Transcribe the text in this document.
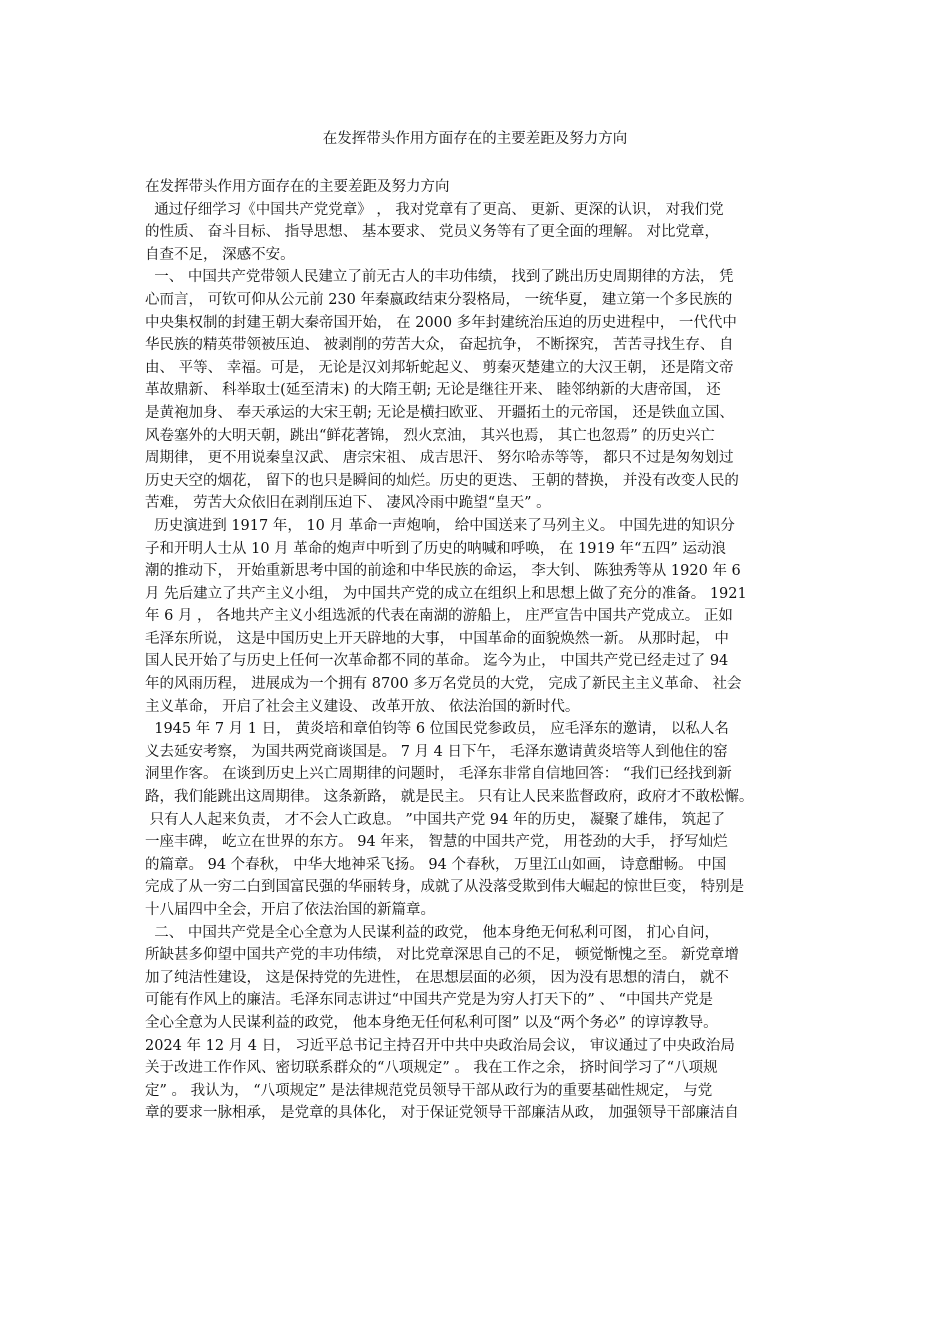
在发挥带头作用方面存在的主要差距及努力方向

在发挥带头作用方面存在的主要差距及努力方向

通过仔细学习《中国共产党党章》 ， 我对党章有了更高、 更新、更深的认识， 对我们党
的性质、 奋斗目标、 指导思想、 基本要求、 党员义务等有了更全面的理解。 对比党章，
自查不足， 深感不安。
一、 中国共产党带领人民建立了前无古人的丰功伟绩， 找到了跳出历史周期律的方法， 凭
心而言， 可钦可仰从公元前 230 年秦嬴政结束分裂格局， 一统华夏， 建立第一个多民族的
中央集权制的封建王朝大秦帝国开始， 在 2000 多年封建统治压迫的历史进程中， 一代代中
华民族的精英带领被压迫、 被剥削的劳苦大众， 奋起抗争， 不断探究， 苦苦寻找生存、 自
由、 平等、 幸福。可是， 无论是汉刘邦斩蛇起义、 剪秦灭楚建立的大汉王朝， 还是隋文帝
革故鼎新、 科举取士(延至清末) 的大隋王朝; 无论是继往开来、 睦邻纳新的大唐帝国， 还
是黄袍加身、 奉天承运的大宋王朝; 无论是横扫欧亚、 开疆拓土的元帝国， 还是铁血立国、
风卷塞外的大明天朝，跳出“鲜花著锦， 烈火烹油， 其兴也焉， 其亡也忽焉” 的历史兴亡
周期律， 更不用说秦皇汉武、 唐宗宋祖、 成吉思汗、 努尔哈赤等等， 都只不过是匆匆划过
历史天空的烟花， 留下的也只是瞬间的灿烂。历史的更迭、 王朝的替换， 并没有改变人民的
苦难， 劳苦大众依旧在剥削压迫下、 凄风冷雨中跪望“皇天” 。
历史演进到 1917 年， 10 月 革命一声炮响， 给中国送来了马列主义。 中国先进的知识分
子和开明人士从 10 月 革命的炮声中听到了历史的呐喊和呼唤， 在 1919 年“五四” 运动浪
潮的推动下， 开始重新思考中国的前途和中华民族的命运， 李大钊、 陈独秀等从 1920 年 6
月 先后建立了共产主义小组， 为中国共产党的成立在组织上和思想上做了充分的准备。 1921
年 6 月 ， 各地共产主义小组选派的代表在南湖的游船上， 庄严宣告中国共产党成立。 正如
毛泽东所说， 这是中国历史上开天辟地的大事， 中国革命的面貌焕然一新。 从那时起， 中
国人民开始了与历史上任何一次革命都不同的革命。 迄今为止， 中国共产党已经走过了 94
年的风雨历程， 进展成为一个拥有 8700 多万名党员的大党， 完成了新民主主义革命、 社会
主义革命， 开启了社会主义建设、 改革开放、 依法治国的新时代。
1945 年 7 月 1 日， 黄炎培和章伯钧等 6 位国民党参政员， 应毛泽东的邀请， 以私人名
义去延安考察， 为国共两党商谈国是。 7 月 4 日下午， 毛泽东邀请黄炎培等人到他住的窑
洞里作客。 在谈到历史上兴亡周期律的问题时， 毛泽东非常自信地回答： “我们已经找到新
路，我们能跳出这周期律。 这条新路， 就是民主。 只有让人民来监督政府，政府才不敢松懈。
只有人人起来负责， 才不会人亡政息。 ”中国共产党 94 年的历史， 凝聚了雄伟， 筑起了
一座丰碑， 屹立在世界的东方。 94 年来， 智慧的中国共产党， 用苍劲的大手， 抒写灿烂
的篇章。 94 个春秋， 中华大地神采飞扬。 94 个春秋， 万里江山如画， 诗意酣畅。 中国
完成了从一穷二白到国富民强的华丽转身，成就了从没落受欺到伟大崛起的惊世巨变， 特别是
十八届四中全会，开启了依法治国的新篇章。
二、 中国共产党是全心全意为人民谋利益的政党， 他本身绝无何私利可图， 扪心自问，
所缺甚多仰望中国共产党的丰功伟绩， 对比党章深思自己的不足， 顿觉惭愧之至。 新党章增
加了纯洁性建设， 这是保持党的先进性， 在思想层面的必须， 因为没有思想的清白， 就不
可能有作风上的廉洁。毛泽东同志讲过“中国共产党是为穷人打天下的” 、 “中国共产党是
全心全意为人民谋利益的政党， 他本身绝无任何私利可图” 以及“两个务必” 的谆谆教导。
2024 年 12 月 4 日， 习近平总书记主持召开中共中央政治局会议， 审议通过了中央政治局
关于改进工作作风、密切联系群众的“八项规定” 。 我在工作之余， 挤时间学习了“八项规
定” 。 我认为， “八项规定” 是法律规范党员领导干部从政行为的重要基础性规定， 与党
章的要求一脉相承， 是党章的具体化， 对于保证党领导干部廉洁从政， 加强领导干部廉洁自
